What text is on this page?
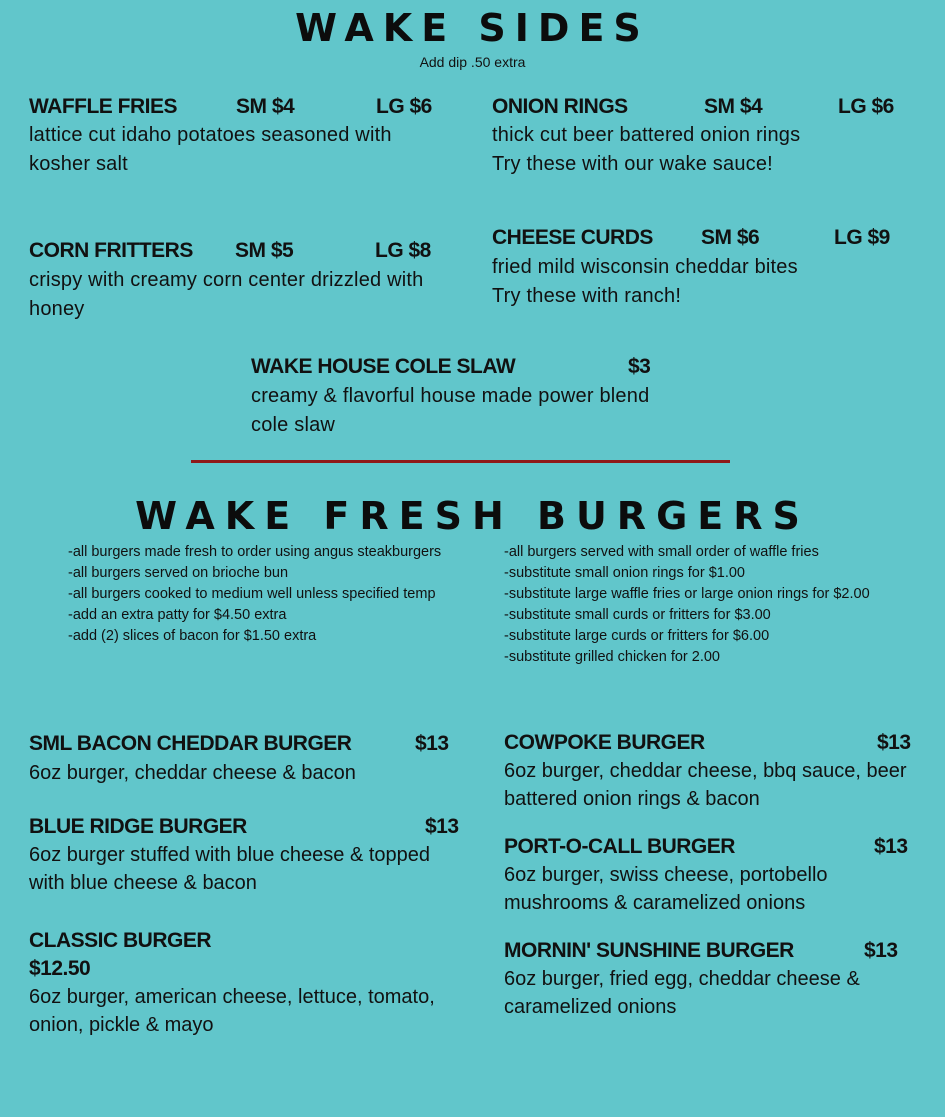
WAKE SIDES
Add dip .50 extra
WAFFLE FRIES	SM $4	LG $6
lattice cut idaho potatoes seasoned with
kosher salt
ONION RINGS	SM $4	LG $6
thick cut beer battered onion rings
Try these with our wake sauce!
CORN FRITTERS SM $5	LG $8
crispy with creamy corn center drizzled with
honey
CHEESE CURDS SM $6	LG $9
fried mild wisconsin cheddar bites
Try these with ranch!
WAKE HOUSE COLE SLAW	$3
creamy & flavorful house made power blend
cole slaw
WAKE FRESH BURGERS
-all burgers made fresh to order using angus steakburgers
-all burgers served on brioche bun
-all burgers cooked to medium well unless specified temp
-add an extra patty for $4.50 extra
-add (2) slices of bacon for $1.50 extra
-all burgers served with small order of waffle fries
-substitute small onion rings for $1.00
-substitute large waffle fries or large onion rings for $2.00
-substitute small curds or fritters for $3.00
-substitute large curds or fritters for $6.00
-substitute grilled chicken for 2.00
SML BACON CHEDDAR BURGER	$13
6oz burger, cheddar cheese & bacon
BLUE RIDGE BURGER	$13
6oz burger stuffed with blue cheese & topped
with blue cheese & bacon
CLASSIC BURGER
$12.50
6oz burger, american cheese, lettuce, tomato,
onion, pickle & mayo
COWPOKE BURGER	$13
6oz burger, cheddar cheese, bbq sauce, beer
battered onion rings & bacon
PORT-O-CALL BURGER	$13
6oz burger, swiss cheese, portobello
mushrooms & caramelized onions
MORNIN' SUNSHINE BURGER	$13
6oz burger, fried egg, cheddar cheese &
caramelized onions
